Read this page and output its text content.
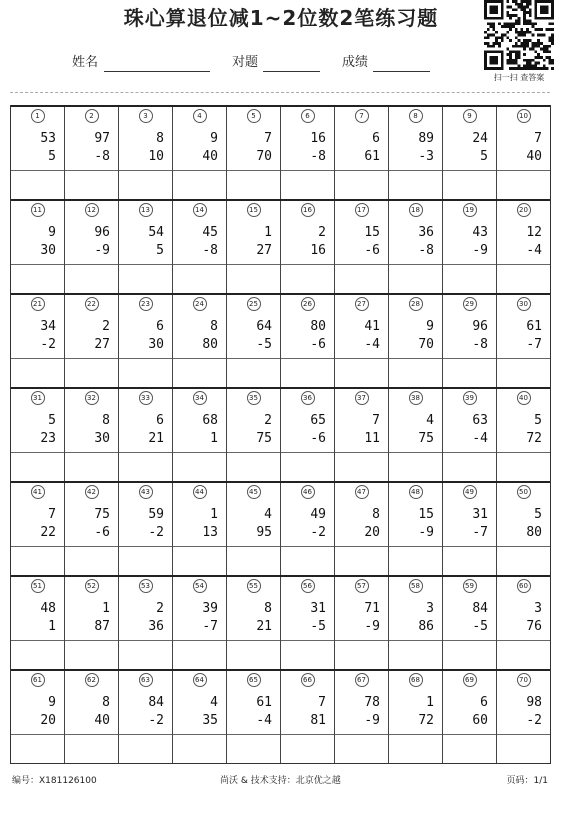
珠心算退位减1~2位数2笔练习题
扫一扫 查答案
姓名	对题	成绩
1
53
5
2
97
-8
3
8
10
4
9
40
5
7
70
6
16
-8
7
6
61
8
89
-3
9
24
5
10
7
40
11
9
30
12
96
-9
13
54
5
14
45
-8
15
1
27
16
2
16
17
15
-6
18
36
-8
19
43
-9
20
12
-4
21
34
-2
22
2
27
23
6
30
24
8
80
25
64
-5
26
80
-6
27
41
-4
28
9
70
29
96
-8
30
61
-7
31
5
23
32
8
30
33
6
21
34
68
1
35
2
75
36
65
-6
37
7
11
38
4
75
39
63
-4
40
5
72
41
7
22
42
75
-6
43
59
-2
44
1
13
45
4
95
46
49
-2
47
8
20
48
15
-9
49
31
-7
50
5
80
51
48
1
52
1
87
53
2
36
54
39
-7
55
8
21
56
31
-5
57
71
-9
58
3
86
59
84
-5
60
3
76
61
9
20
62
8
40
63
84
-2
64
4
35
65
61
-4
66
7
81
67
78
-9
68
1
72
69
6
60
70
98
-2
编号：X181126100	尚沃 & 技术支持：北京优之越	页码：1/1
